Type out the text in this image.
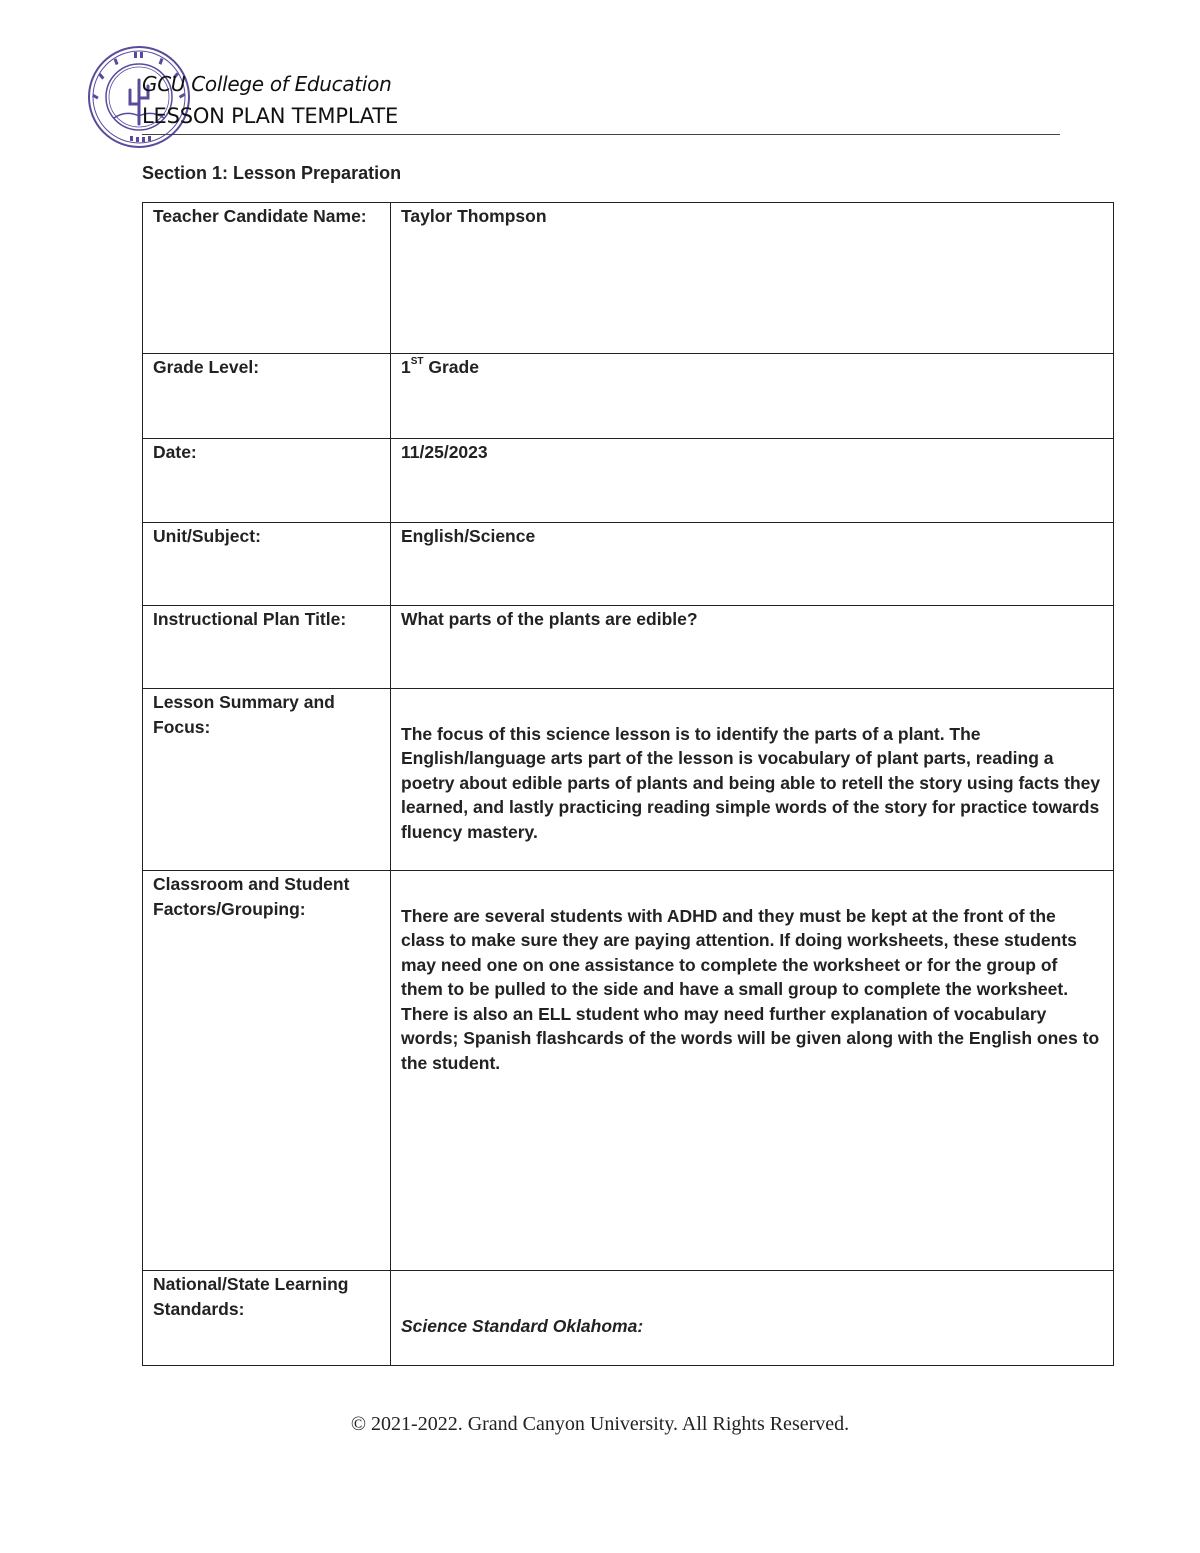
GCU College of Education
LESSON PLAN TEMPLATE
Section 1: Lesson Preparation
Teacher Candidate Name:	Taylor Thompson
Grade Level:	1ST Grade
Date:	11/25/2023
Unit/Subject:	English/Science
Instructional Plan Title:	What parts of the plants are edible?
Lesson Summary and Focus:	The focus of this science lesson is to identify the parts of a plant. The English/language arts part of the lesson is vocabulary of plant parts, reading a poetry about edible parts of plants and being able to retell the story using facts they learned, and lastly practicing reading simple words of the story for practice towards fluency mastery.

Classroom and Student Factors/Grouping:	There are several students with ADHD and they must be kept at the front of the class to make sure they are paying attention. If doing worksheets, these students may need one on one assistance to complete the worksheet or for the group of them to be pulled to the side and have a small group to complete the worksheet. There is also an ELL student who may need further explanation of vocabulary words; Spanish flashcards of the words will be given along with the English ones to the student.

National/State Learning Standards:	Science Standard Oklahoma:
© 2021-2022. Grand Canyon University. All Rights Reserved.
